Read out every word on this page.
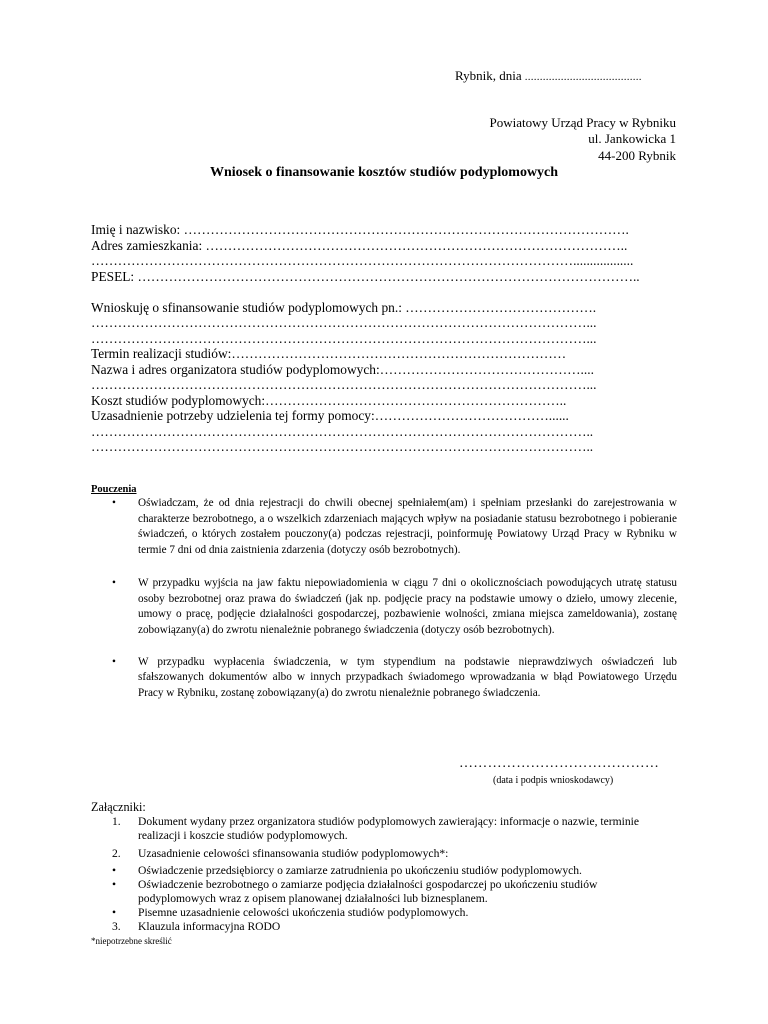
Rybnik, dnia .......................................
Powiatowy Urząd Pracy w Rybniku
ul. Jankowicka 1
44-200 Rybnik
Wniosek o finansowanie kosztów studiów podyplomowych
Imię i nazwisko: ……………………………………………………………………………………….
Adres zamieszkania: …………………………………………………………………………………..
………………………………………………………………………………………………..................
PESEL: …………………………………………………………………………………………………..
Wnioskuję o sfinansowanie studiów podyplomowych pn.: …………………………………….
…………………………………………………………………………………………………...
…………………………………………………………………………………………………...
Termin realizacji studiów:…………………………………………………………………
Nazwa i adres organizatora studiów podyplomowych:………………………………………....
…………………………………………………………………………………………………...
Koszt studiów podyplomowych:…………………………………………………………..
Uzasadnienie potrzeby udzielenia tej formy pomocy:…………………………………......
…………………………………………………………………………………………………..
…………………………………………………………………………………………………..
Pouczenia
• Oświadczam, że od dnia rejestracji do chwili obecnej spełniałem(am) i spełniam przesłanki do zarejestrowania w charakterze bezrobotnego, a o wszelkich zdarzeniach mających wpływ na posiadanie statusu bezrobotnego i pobieranie świadczeń, o których zostałem pouczony(a) podczas rejestracji, poinformuję Powiatowy Urząd Pracy w Rybniku w termie 7 dni od dnia zaistnienia zdarzenia (dotyczy osób bezrobotnych).
• W przypadku wyjścia na jaw faktu niepowiadomienia w ciągu 7 dni o okolicznościach powodujących utratę statusu osoby bezrobotnej oraz prawa do świadczeń (jak np. podjęcie pracy na podstawie umowy o dzieło, umowy zlecenie, umowy o pracę, podjęcie działalności gospodarczej, pozbawienie wolności, zmiana miejsca zameldowania), zostanę zobowiązany(a) do zwrotu nienależnie pobranego świadczenia (dotyczy osób bezrobotnych).
• W przypadku wypłacenia świadczenia, w tym stypendium na podstawie nieprawdziwych oświadczeń lub sfałszowanych dokumentów albo w innych przypadkach świadomego wprowadzania w błąd Powiatowego Urzędu Pracy w Rybniku, zostanę zobowiązany(a) do zwrotu nienależnie pobranego świadczenia.
……………………………………
(data i podpis wnioskodawcy)
Załączniki:
1. Dokument wydany przez organizatora studiów podyplomowych zawierający: informacje o nazwie, terminie realizacji i koszcie studiów podyplomowych.
2. Uzasadnienie celowości sfinansowania studiów podyplomowych*:
• Oświadczenie przedsiębiorcy o zamiarze zatrudnienia po ukończeniu studiów podyplomowych.
• Oświadczenie bezrobotnego o zamiarze podjęcia działalności gospodarczej po ukończeniu studiów podyplomowych wraz z opisem planowanej działalności lub biznesplanem.
• Pisemne uzasadnienie celowości ukończenia studiów podyplomowych.
3. Klauzula informacyjna RODO
*niepotrzebne skreślić
